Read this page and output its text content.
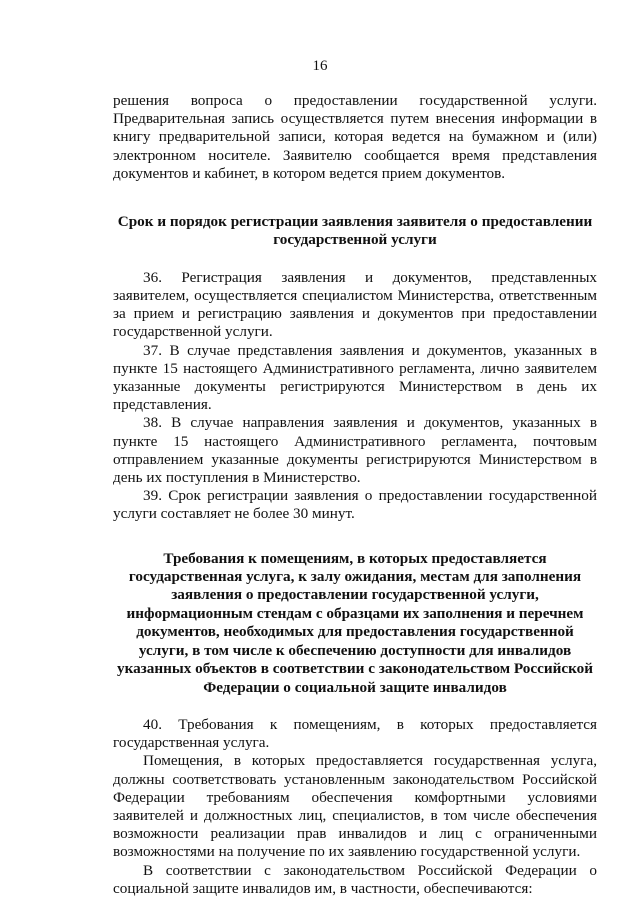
16

решения вопроса о предоставлении государственной услуги. Предварительная запись осуществляется путем внесения информации в книгу предварительной записи, которая ведется на бумажном и (или) электронном носителе. Заявителю сообщается время представления документов и кабинет, в котором ведется прием документов.

Срок и порядок регистрации заявления заявителя о предоставлении государственной услуги

36. Регистрация заявления и документов, представленных заявителем, осуществляется специалистом Министерства, ответственным за прием и регистрацию заявления и документов при предоставлении государственной услуги.

37. В случае представления заявления и документов, указанных в пункте 15 настоящего Административного регламента, лично заявителем указанные документы регистрируются Министерством в день их представления.

38. В случае направления заявления и документов, указанных в пункте 15 настоящего Административного регламента, почтовым отправлением указанные документы регистрируются Министерством в день их поступления в Министерство.

39. Срок регистрации заявления о предоставлении государственной услуги составляет не более 30 минут.

Требования к помещениям, в которых предоставляется государственная услуга, к залу ожидания, местам для заполнения заявления о предоставлении государственной услуги, информационным стендам с образцами их заполнения и перечнем документов, необходимых для предоставления государственной услуги, в том числе к обеспечению доступности для инвалидов указанных объектов в соответствии с законодательством Российской Федерации о социальной защите инвалидов

40. Требования к помещениям, в которых предоставляется государственная услуга.

Помещения, в которых предоставляется государственная услуга, должны соответствовать установленным законодательством Российской Федерации требованиям обеспечения комфортными условиями заявителей и должностных лиц, специалистов, в том числе обеспечения возможности реализации прав инвалидов и лиц с ограниченными возможностями на получение по их заявлению государственной услуги.

В соответствии с законодательством Российской Федерации о социальной защите инвалидов им, в частности, обеспечиваются:
